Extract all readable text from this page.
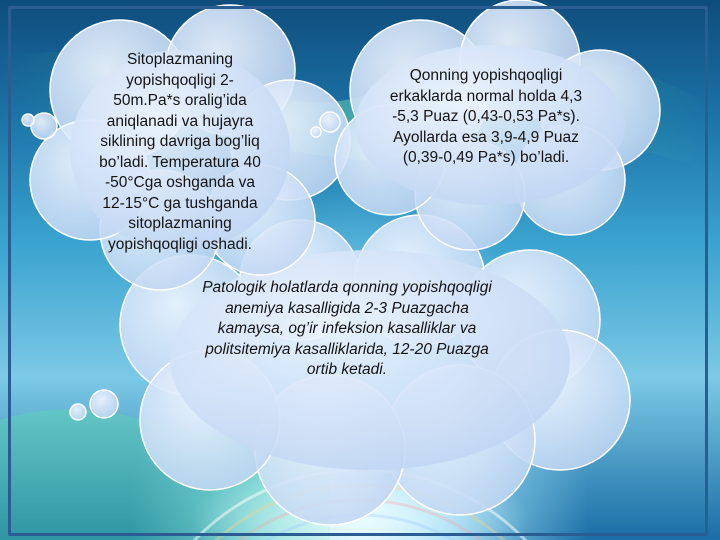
Sitoplazmaning
yopishqoqligi 2-
50m.Pa*s oralig’ida
aniqlanadi va hujayra
siklining davriga bog’liq
bo’ladi. Temperatura 40
-50°Cga oshganda va
12-15°C ga tushganda
sitoplazmaning
yopishqoqligi oshadi.
Qonning yopishqoqligi
erkaklarda normal holda 4,3
-5,3 Puaz (0,43-0,53 Pa*s).
Ayollarda esa 3,9-4,9 Puaz
(0,39-0,49 Pa*s) bo’ladi.
Patologik holatlarda qonning yopishqoqligi
anemiya kasalligida 2-3 Puazgacha
kamaysa, og’ir infeksion kasalliklar va
politsitemiya kasalliklarida, 12-20 Puazga
ortib ketadi.
